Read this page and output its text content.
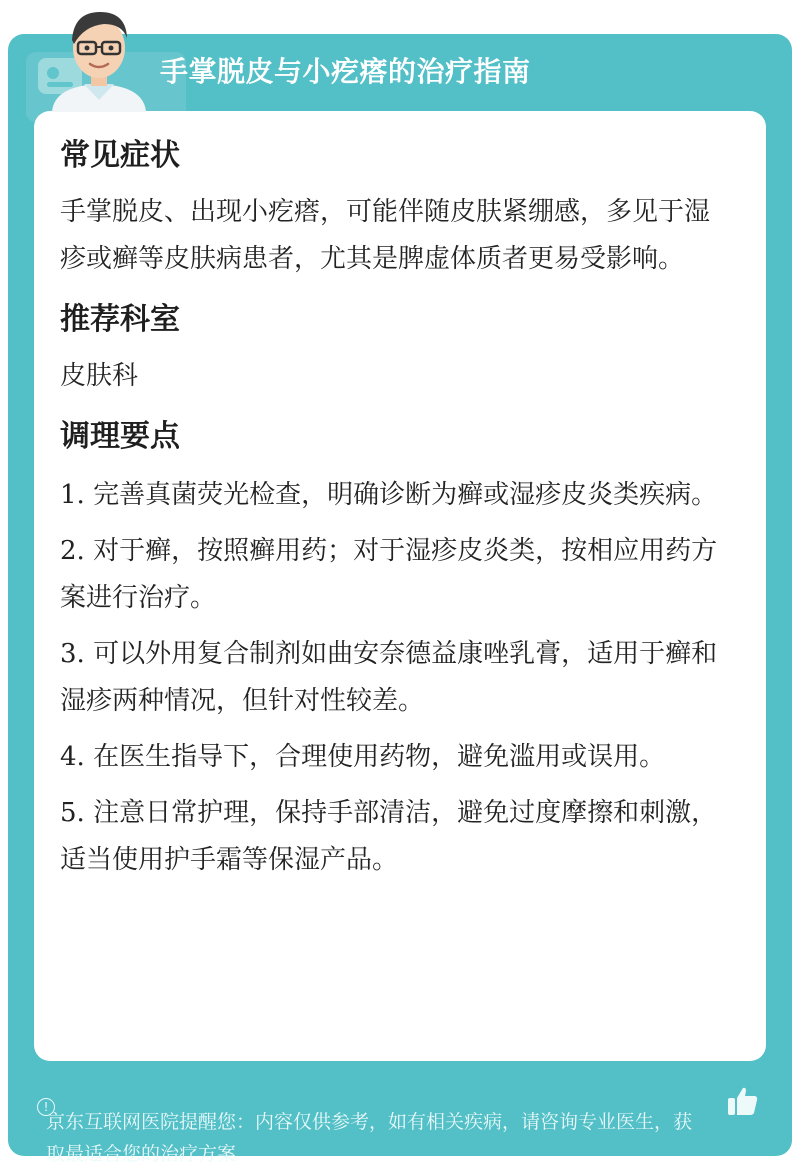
手掌脱皮与小疙瘩的治疗指南
常见症状

手掌脱皮、出现小疙瘩，可能伴随皮肤紧绷感，多见于湿疹或癣等皮肤病患者，尤其是脾虚体质者更易受影响。

推荐科室

皮肤科

调理要点

1. 完善真菌荧光检查，明确诊断为癣或湿疹皮炎类疾病。

2. 对于癣，按照癣用药；对于湿疹皮炎类，按相应用药方案进行治疗。

3. 可以外用复合制剂如曲安奈德益康唑乳膏，适用于癣和湿疹两种情况，但针对性较差。

4. 在医生指导下，合理使用药物，避免滥用或误用。

5. 注意日常护理，保持手部清洁，避免过度摩擦和刺激，适当使用护手霜等保湿产品。

!
京东互联网医院提醒您：内容仅供参考，如有相关疾病，请咨询专业医生，获取最适合您的治疗方案
